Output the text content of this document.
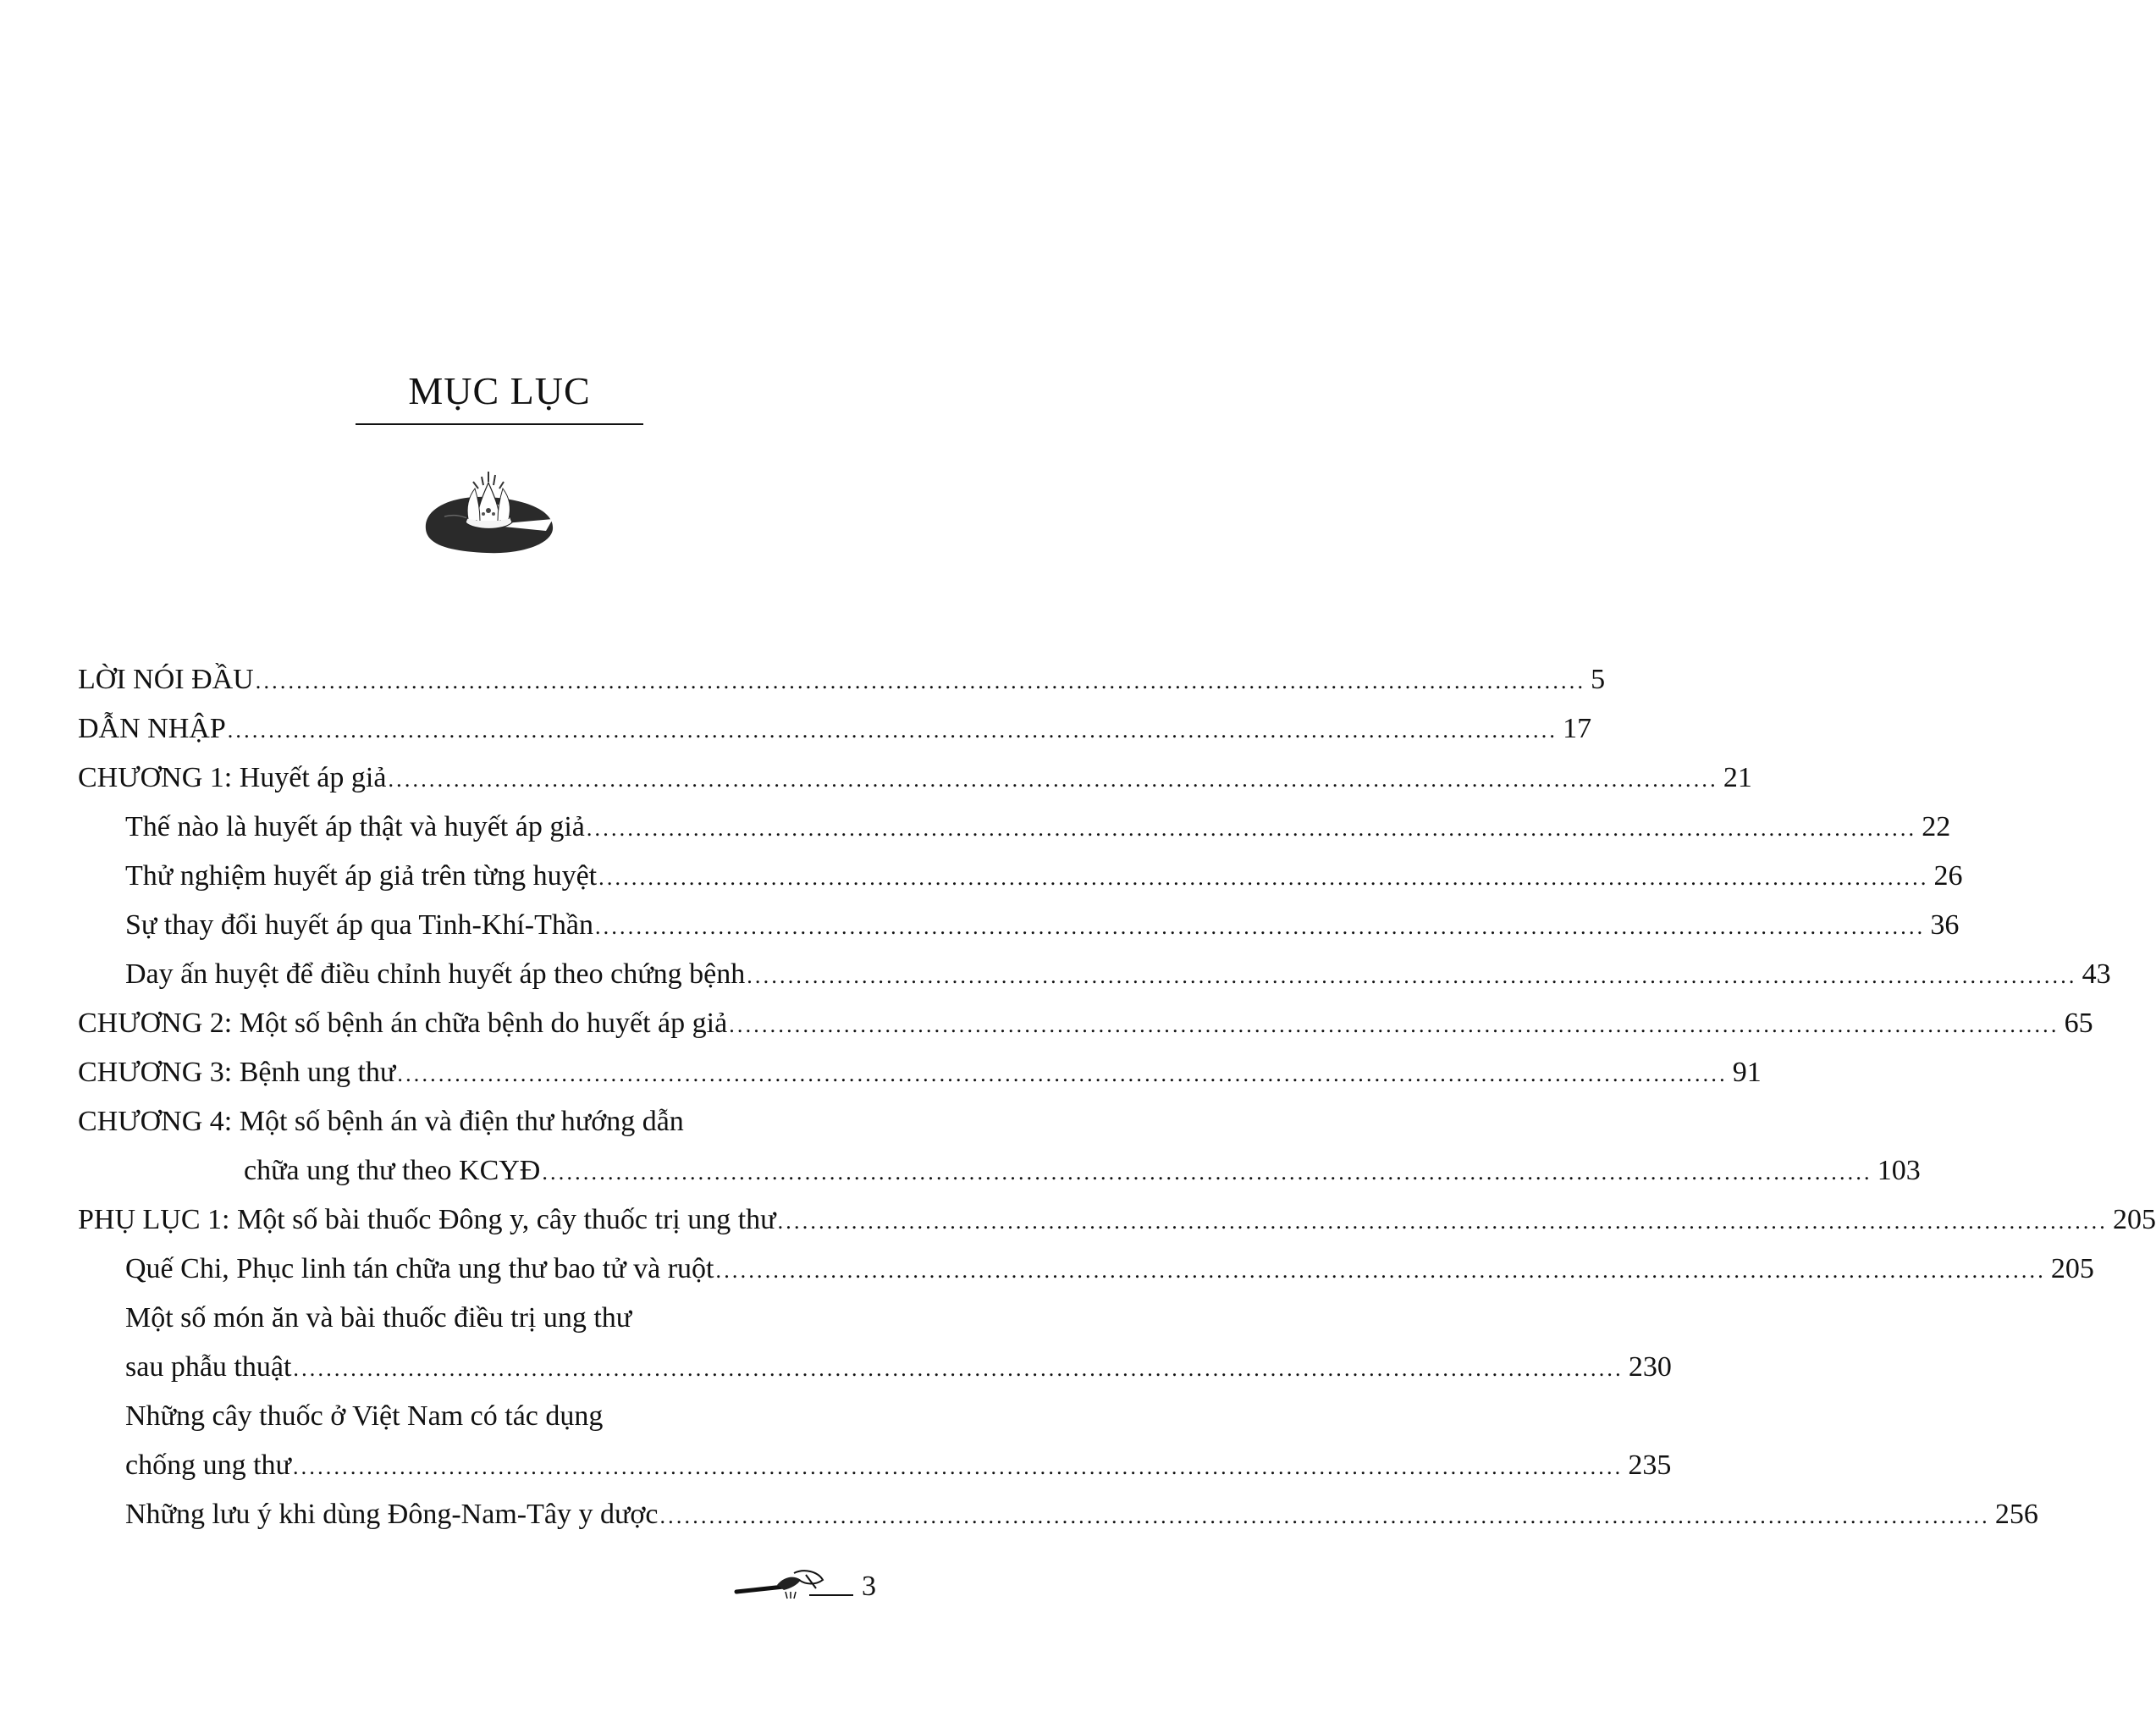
MỤC LỤC
LỜI NÓI ĐẦU .................................................................................................................................................................. 5
DẪN NHẬP .................................................................................................................................................................. 17
CHƯƠNG 1: Huyết áp giả .................................................................................................................................................................. 21
Thế nào là huyết áp thật và huyết áp giả .................................................................................................................................................................. 22
Thử nghiệm huyết áp giả trên từng huyệt .................................................................................................................................................................. 26
Sự thay đổi huyết áp qua Tinh-Khí-Thần .................................................................................................................................................................. 36
Day ấn huyệt để điều chỉnh huyết áp theo chứng bệnh .................................................................................................................................................................. 43
CHƯƠNG 2: Một số bệnh án chữa bệnh do huyết áp giả .................................................................................................................................................................. 65
CHƯƠNG 3: Bệnh ung thư .................................................................................................................................................................. 91
CHƯƠNG 4: Một số bệnh án và điện thư hướng dẫn
chữa ung thư theo KCYĐ .................................................................................................................................................................. 103
PHỤ LỤC 1: Một số bài thuốc Đông y, cây thuốc trị ung thư .................................................................................................................................................................. 205
Quế Chi, Phục linh tán chữa ung thư bao tử và ruột .................................................................................................................................................................. 205
Một số món ăn và bài thuốc điều trị ung thư
sau phẫu thuật .................................................................................................................................................................. 230
Những cây thuốc ở Việt Nam có tác dụng
chống ung thư .................................................................................................................................................................. 235
Những lưu ý khi dùng Đông-Nam-Tây y dược .................................................................................................................................................................. 256
3
